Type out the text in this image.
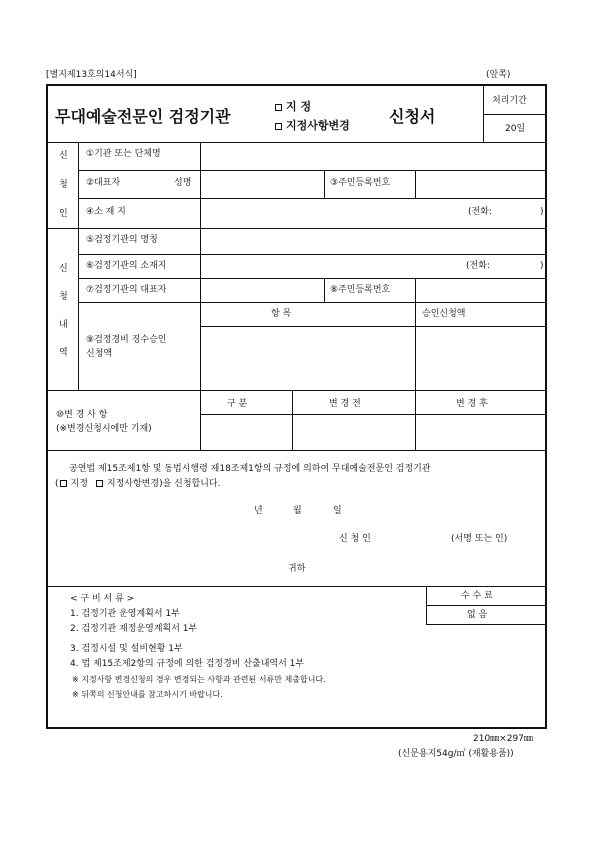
[별지제13호의14서식]	(앞쪽)
무대예술전문인 검정기관
지 정
지정사항변경 신청서
처리기간
20일
신
청
인
①기관 또는 단체명
②대표자	성명	③주민등록번호
④소 재 지	(전화:	)
신
청
내
역
⑤검정기관의 명칭
⑥검정기관의 소재지	(전화:	)
⑦검정기관의 대표자	⑧주민등록번호
⑨검정경비 징수승인
신청액
항 목	승인신청액
⑩변 경 사 항
(※변경신청시에만 기재)
구 분	변 경 전	변 경 후
공연법 제15조제1항 및 동법시행령 제18조제1항의 규정에 의하여 무대예술전문인 검정기관
( 지정 지정사항변경)을 신청합니다.
년	월	일
신 청 인	(서명 또는 인)
귀하
수 수 료
없 음
< 구 비 서 류 >
1. 검정기관 운영계획서 1부
2. 검정기관 재정운영계획서 1부
3. 검정시설 및 설비현황 1부
4. 법 제15조제2항의 규정에 의한 검정경비 산출내역서 1부
※ 지정사항 변경신청의 경우 변경되는 사항과 관련된 서류만 제출합니다.
※ 뒤쪽의 신청안내를 참고하시기 바랍니다.
210㎜×297㎜
(신문용지54g/㎡ (재활용품))
